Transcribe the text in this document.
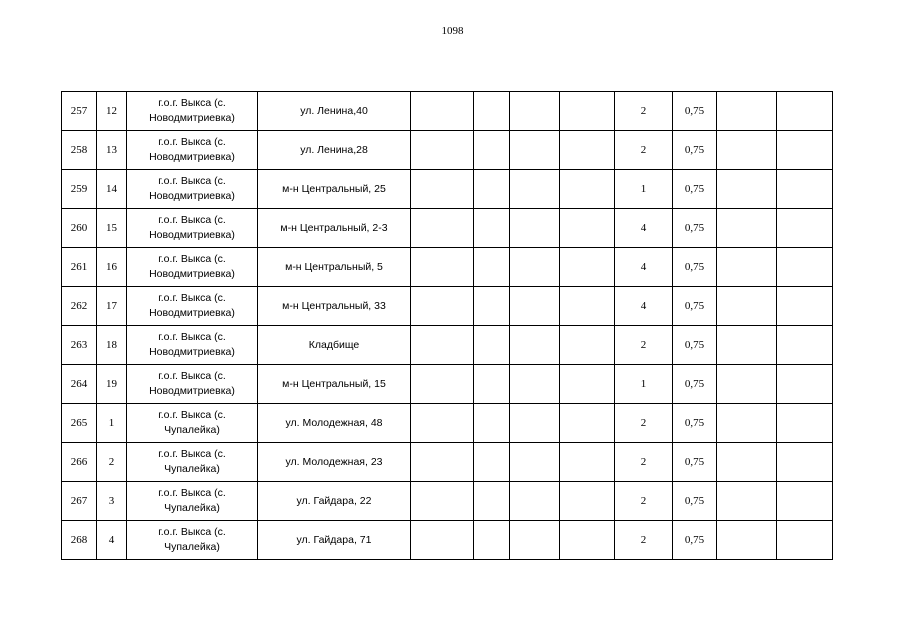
1098
257	12	г.о.г. Выкса (с.
Новодмитриевка)	ул. Ленина,40					2	0,75		
258	13	г.о.г. Выкса (с.
Новодмитриевка)	ул. Ленина,28					2	0,75		
259	14	г.о.г. Выкса (с.
Новодмитриевка)	м-н Центральный, 25					1	0,75		
260	15	г.о.г. Выкса (с.
Новодмитриевка)	м-н Центральный, 2-3					4	0,75		
261	16	г.о.г. Выкса (с.
Новодмитриевка)	м-н Центральный, 5					4	0,75		
262	17	г.о.г. Выкса (с.
Новодмитриевка)	м-н Центральный, 33					4	0,75		
263	18	г.о.г. Выкса (с.
Новодмитриевка)	Кладбище					2	0,75		
264	19	г.о.г. Выкса (с.
Новодмитриевка)	м-н Центральный, 15					1	0,75		
265	1	г.о.г. Выкса (с.
Чупалейка)	ул. Молодежная, 48					2	0,75		
266	2	г.о.г. Выкса (с.
Чупалейка)	ул. Молодежная, 23					2	0,75		
267	3	г.о.г. Выкса (с.
Чупалейка)	ул. Гайдара, 22					2	0,75		
268	4	г.о.г. Выкса (с.
Чупалейка)	ул. Гайдара, 71					2	0,75		
